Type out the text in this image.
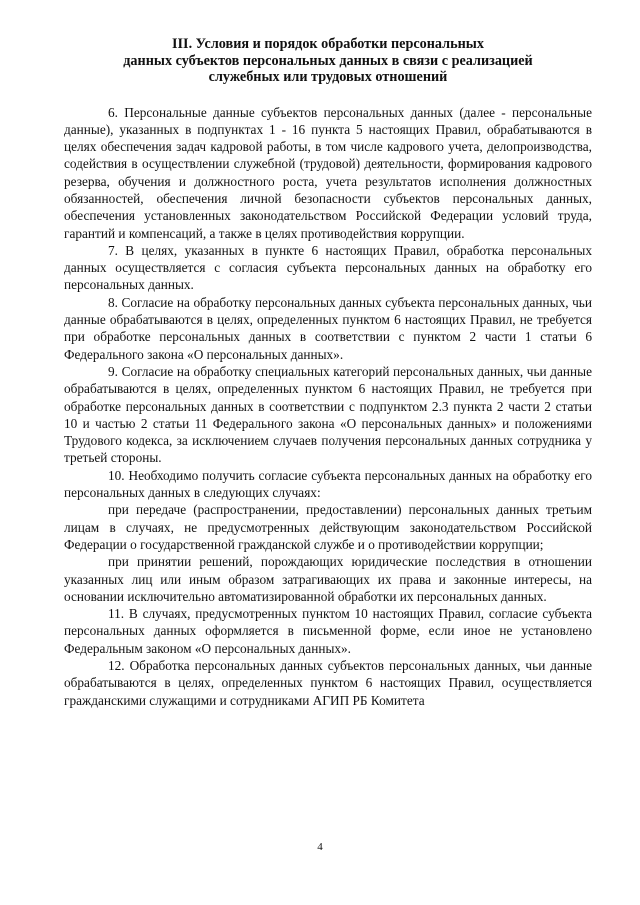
III. Условия и порядок обработки персональных
данных субъектов персональных данных в связи с реализацией
служебных или трудовых отношений

6. Персональные данные субъектов персональных данных (далее - персональные данные), указанных в подпунктах 1 - 16 пункта 5 настоящих Правил, обрабатываются в целях обеспечения задач кадровой работы, в том числе кадрового учета, делопроизводства, содействия в осуществлении служебной (трудовой) деятельности, формирования кадрового резерва, обучения и должностного роста, учета результатов исполнения должностных обязанностей, обеспечения личной безопасности субъектов персональных данных, обеспечения установленных законодательством Российской Федерации условий труда, гарантий и компенсаций, а также в целях противодействия коррупции.

7. В целях, указанных в пункте 6 настоящих Правил, обработка персональных данных осуществляется с согласия субъекта персональных данных на обработку его персональных данных.

8. Согласие на обработку персональных данных субъекта персональных данных, чьи данные обрабатываются в целях, определенных пунктом 6 настоящих Правил, не требуется при обработке персональных данных в соответствии с пунктом 2 части 1 статьи 6 Федерального закона «О персональных данных».

9. Согласие на обработку специальных категорий персональных данных, чьи данные обрабатываются в целях, определенных пунктом 6 настоящих Правил, не требуется при обработке персональных данных в соответствии с подпунктом 2.3 пункта 2 части 2 статьи 10 и частью 2 статьи 11 Федерального закона «О персональных данных» и положениями Трудового кодекса, за исключением случаев получения персональных данных сотрудника у третьей стороны.

10. Необходимо получить согласие субъекта персональных данных на обработку его персональных данных в следующих случаях:

при передаче (распространении, предоставлении) персональных данных третьим лицам в случаях, не предусмотренных действующим законодательством Российской Федерации о государственной гражданской службе и о противодействии коррупции;

при принятии решений, порождающих юридические последствия в отношении указанных лиц или иным образом затрагивающих их права и законные интересы, на основании исключительно автоматизированной обработки их персональных данных.

11. В случаях, предусмотренных пунктом 10 настоящих Правил, согласие субъекта персональных данных оформляется в письменной форме, если иное не установлено Федеральным законом «О персональных данных».

12. Обработка персональных данных субъектов персональных данных, чьи данные обрабатываются в целях, определенных пунктом 6 настоящих Правил, осуществляется гражданскими служащими и сотрудниками АГИП РБ Комитета

4
